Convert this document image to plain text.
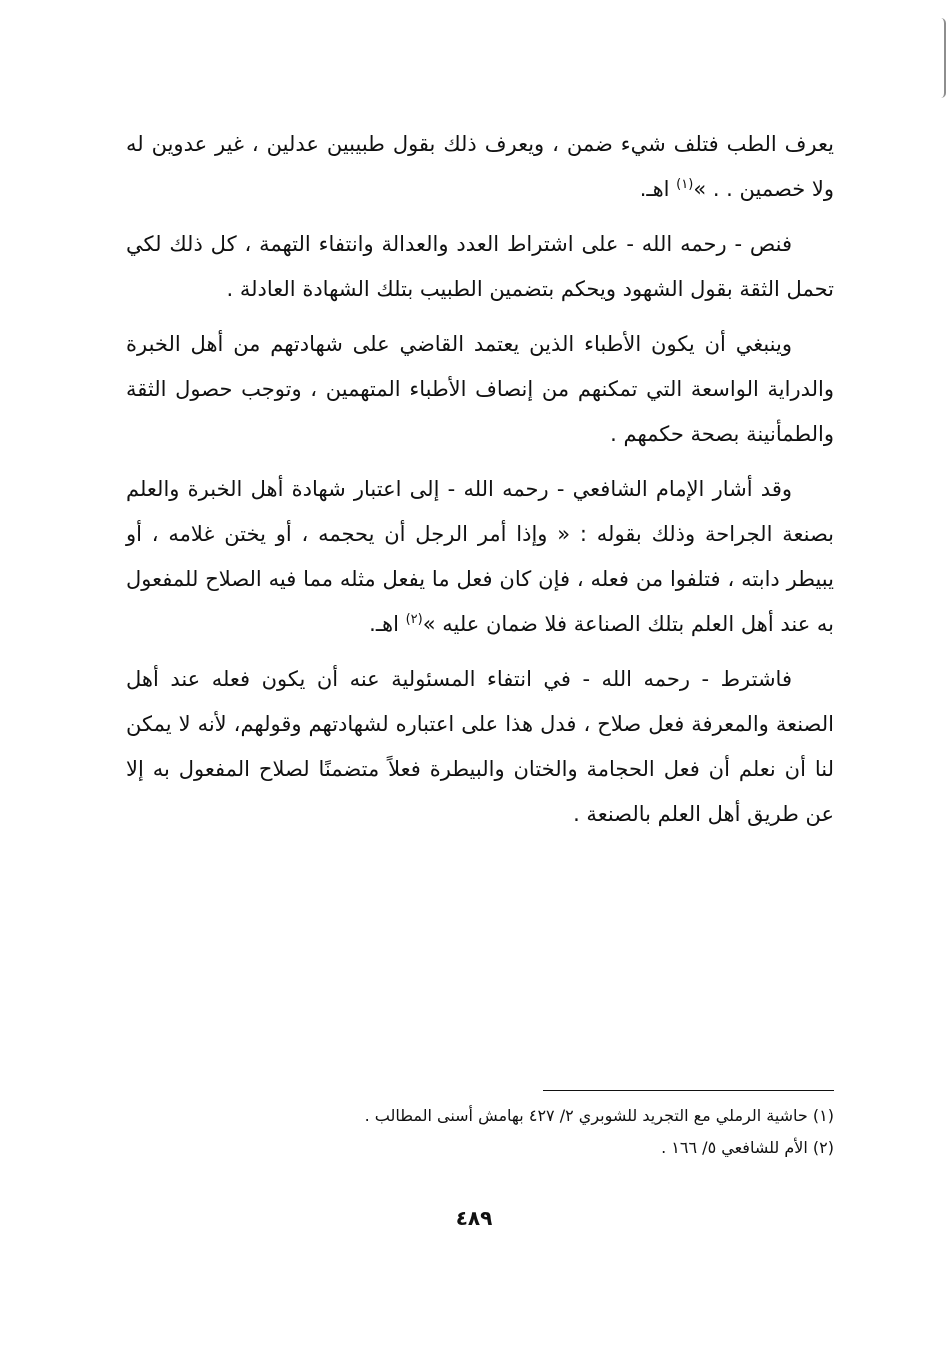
يعرف الطب فتلف شيء ضمن ، ويعرف ذلك بقول طبيبين عدلين ، غير عدوين له ولا خصمين . . »$^{(١)}$ اهـ.

فنص - رحمه الله - على اشتراط العدد والعدالة وانتفاء التهمة ، كل ذلك لكي تحمل الثقة بقول الشهود ويحكم بتضمين الطبيب بتلك الشهادة العادلة .

وينبغي أن يكون الأطباء الذين يعتمد القاضي على شهادتهم من أهل الخبرة والدراية الواسعة التي تمكنهم من إنصاف الأطباء المتهمين ، وتوجب حصول الثقة والطمأنينة بصحة حكمهم .

وقد أشار الإمام الشافعي - رحمه الله - إلى اعتبار شهادة أهل الخبرة والعلم بصنعة الجراحة وذلك بقوله : « وإذا أمر الرجل أن يحجمه ، أو يختن غلامه ، أو يبيطر دابته ، فتلفوا من فعله ، فإن كان فعل ما يفعل مثله مما فيه الصلاح للمفعول به عند أهل العلم بتلك الصناعة فلا ضمان عليه »$^{(٢)}$ اهـ.

فاشترط - رحمه الله - في انتفاء المسئولية عنه أن يكون فعله عند أهل الصنعة والمعرفة فعل صلاح ، فدل هذا على اعتباره لشهادتهم وقولهم، لأنه لا يمكن لنا أن نعلم أن فعل الحجامة والختان والبيطرة فعلاً متضمنًا لصلاح المفعول به إلا عن طريق أهل العلم بالصنعة .

(١) حاشية الرملي مع التجريد للشوبري ٢/ ٤٢٧ بهامش أسنى المطالب .

(٢) الأم للشافعي ٥/ ١٦٦ .

٤٨٩
